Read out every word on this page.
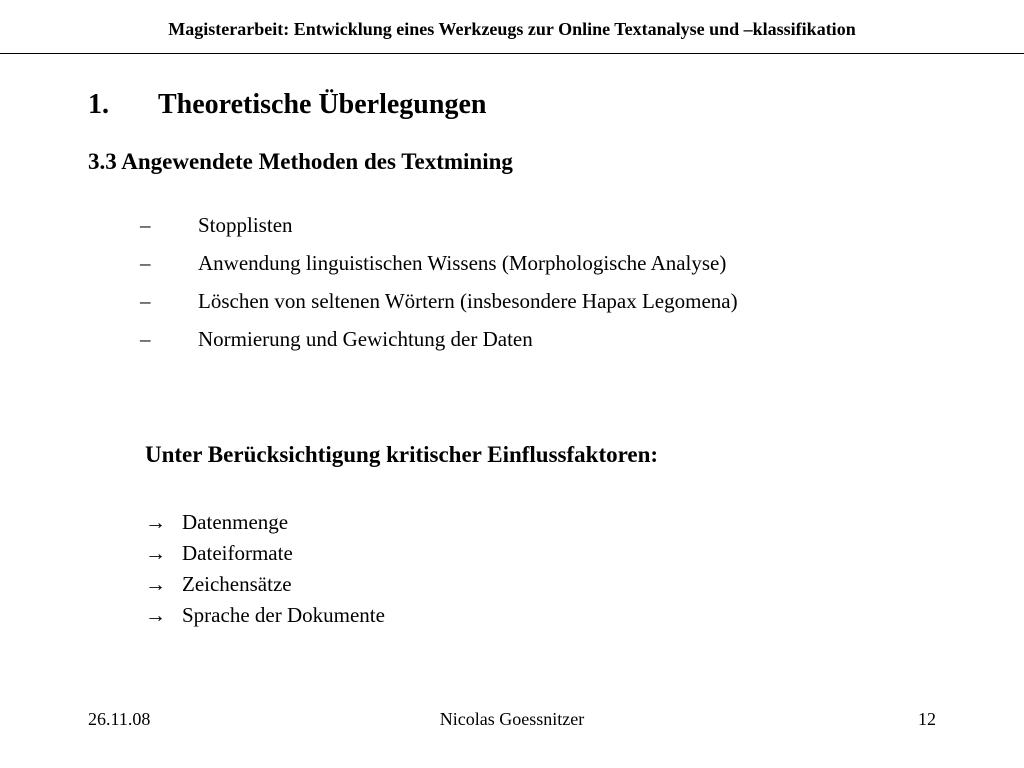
Magisterarbeit: Entwicklung eines Werkzeugs zur Online Textanalyse und –klassifikation
1. Theoretische Überlegungen
3.3 Angewendete Methoden des Textmining
– Stopplisten
– Anwendung linguistischen Wissens (Morphologische Analyse)
– Löschen von seltenen Wörtern (insbesondere Hapax Legomena)
– Normierung und Gewichtung der Daten
Unter Berücksichtigung kritischer Einflussfaktoren:
→ Datenmenge
→ Dateiformate
→ Zeichensätze
→ Sprache der Dokumente
26.11.08	Nicolas Goessnitzer	12
